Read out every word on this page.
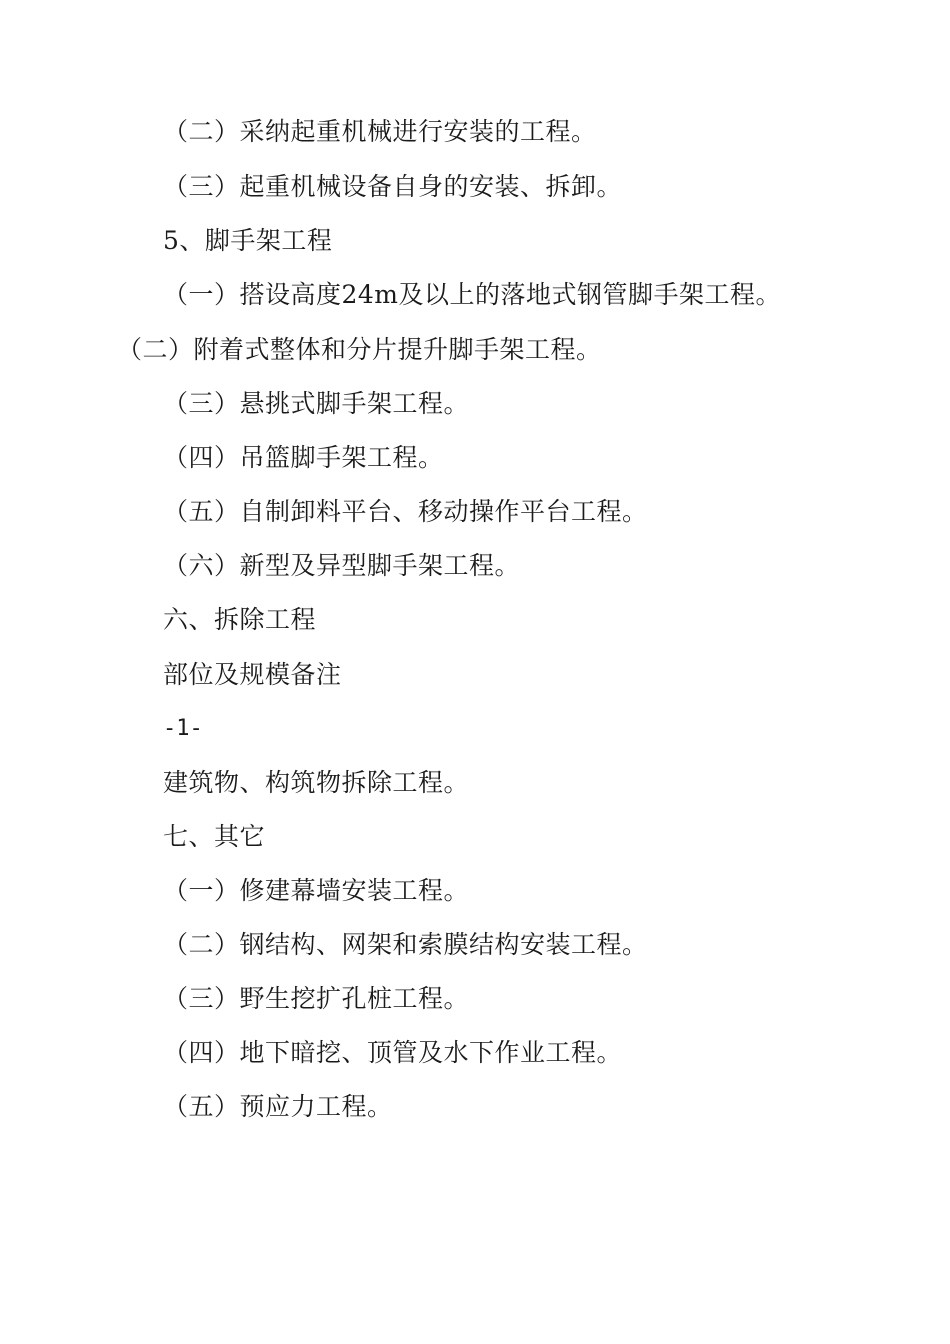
（二）采纳起重机械进行安装的工程。
（三）起重机械设备自身的安装、拆卸。
5、脚手架工程
（一）搭设高度24m及以上的落地式钢管脚手架工程。
（二）附着式整体和分片提升脚手架工程。
（三）悬挑式脚手架工程。
（四）吊篮脚手架工程。
（五）自制卸料平台、移动操作平台工程。
（六）新型及异型脚手架工程。
六、拆除工程
部位及规模备注
-1-
建筑物、构筑物拆除工程。
七、其它
（一）修建幕墙安装工程。
（二）钢结构、网架和索膜结构安装工程。
（三）野生挖扩孔桩工程。
（四）地下暗挖、顶管及水下作业工程。
（五）预应力工程。
